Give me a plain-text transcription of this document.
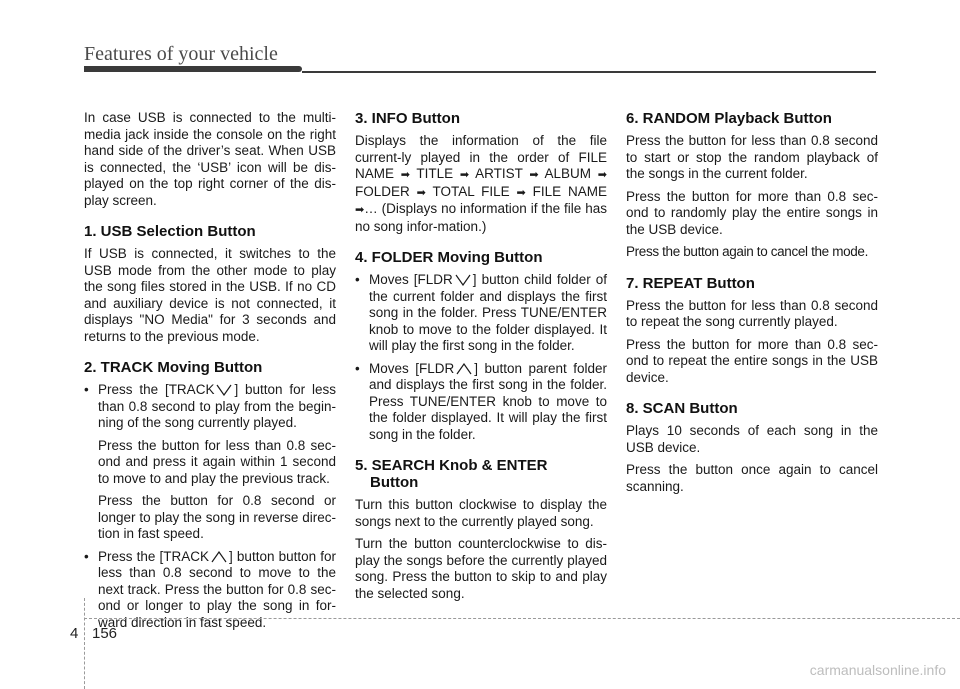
Features of your vehicle

In case USB is connected to the multi-media jack inside the console on the right hand side of the driver’s seat. When USB is connected, the ‘USB’ icon will be dis-played on the top right corner of the dis-play screen.

1. USB Selection Button

If USB is connected, it switches to the USB mode from the other mode to play the song files stored in the USB. If no CD and auxiliary device is not connected, it displays "NO Media" for 3 seconds and returns to the previous mode.

2. TRACK Moving Button
• Press the [TRACK ] button for less than 0.8 second to play from the begin-ning of the song currently played.

Press the button for less than 0.8 sec-ond and press it again within 1 second to move to and play the previous track.

Press the button for 0.8 second or longer to play the song in reverse direc-tion in fast speed.

• Press the [TRACK ] button button for less than 0.8 second to move to the next track. Press the button for 0.8 sec-ond or longer to play the song in for-ward direction in fast speed.

3. INFO Button

Displays the information of the file current-ly played in the order of FILE NAME ➡ TITLE ➡ ARTIST ➡ ALBUM ➡ FOLDER ➡ TOTAL FILE ➡ FILE NAME ➡… (Displays no information if the file has no song infor-mation.)

4. FOLDER Moving Button
• Moves [FLDR ] button child folder of the current folder and displays the first song in the folder. Press TUNE/ENTER knob to move to the folder displayed. It will play the first song in the folder.

• Moves [FLDR ] button parent folder and displays the first song in the folder. Press TUNE/ENTER knob to move to the folder displayed. It will play the first song in the folder.

5. SEARCH Knob & ENTER
Button

Turn this button clockwise to display the songs next to the currently played song.

Turn the button counterclockwise to dis-play the songs before the currently played song. Press the button to skip to and play the selected song.

6. RANDOM Playback Button

Press the button for less than 0.8 second to start or stop the random playback of the songs in the current folder.

Press the button for more than 0.8 sec-ond to randomly play the entire songs in the USB device.

Press the button again to cancel the mode.

7. REPEAT Button

Press the button for less than 0.8 second to repeat the song currently played.

Press the button for more than 0.8 sec-ond to repeat the entire songs in the USB device.

8. SCAN Button

Plays 10 seconds of each song in the USB device.

Press the button once again to cancel scanning.

4 156
carmanualsonline.info
